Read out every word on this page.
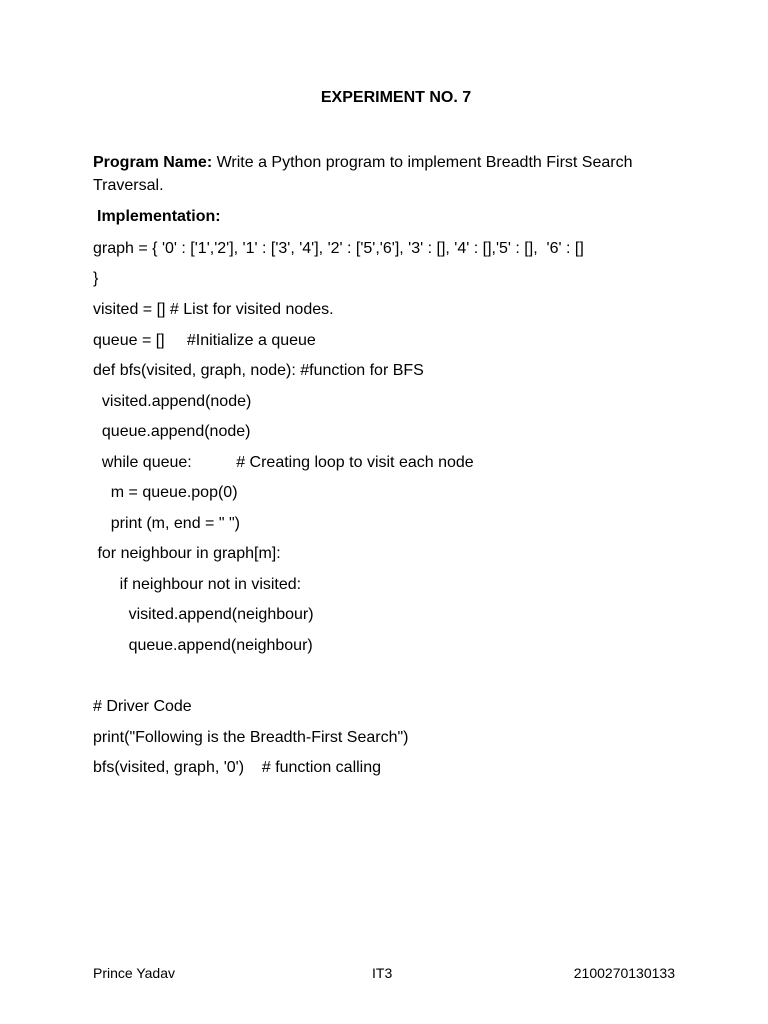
EXPERIMENT NO. 7
Program Name: Write a Python program to implement Breadth First Search Traversal.
Implementation:
graph = { '0' : ['1','2'], '1' : ['3', '4'], '2' : ['5','6'], '3' : [], '4' : [],'5' : [],  '6' : []
}
visited = [] # List for visited nodes.
queue = []     #Initialize a queue
def bfs(visited, graph, node): #function for BFS
visited.append(node)
queue.append(node)
while queue:          # Creating loop to visit each node
m = queue.pop(0)
print (m, end = " ")
for neighbour in graph[m]:
if neighbour not in visited:
visited.append(neighbour)
queue.append(neighbour)
# Driver Code
print("Following is the Breadth-First Search")
bfs(visited, graph, '0')    # function calling
Prince Yadav	IT3	2100270130133
